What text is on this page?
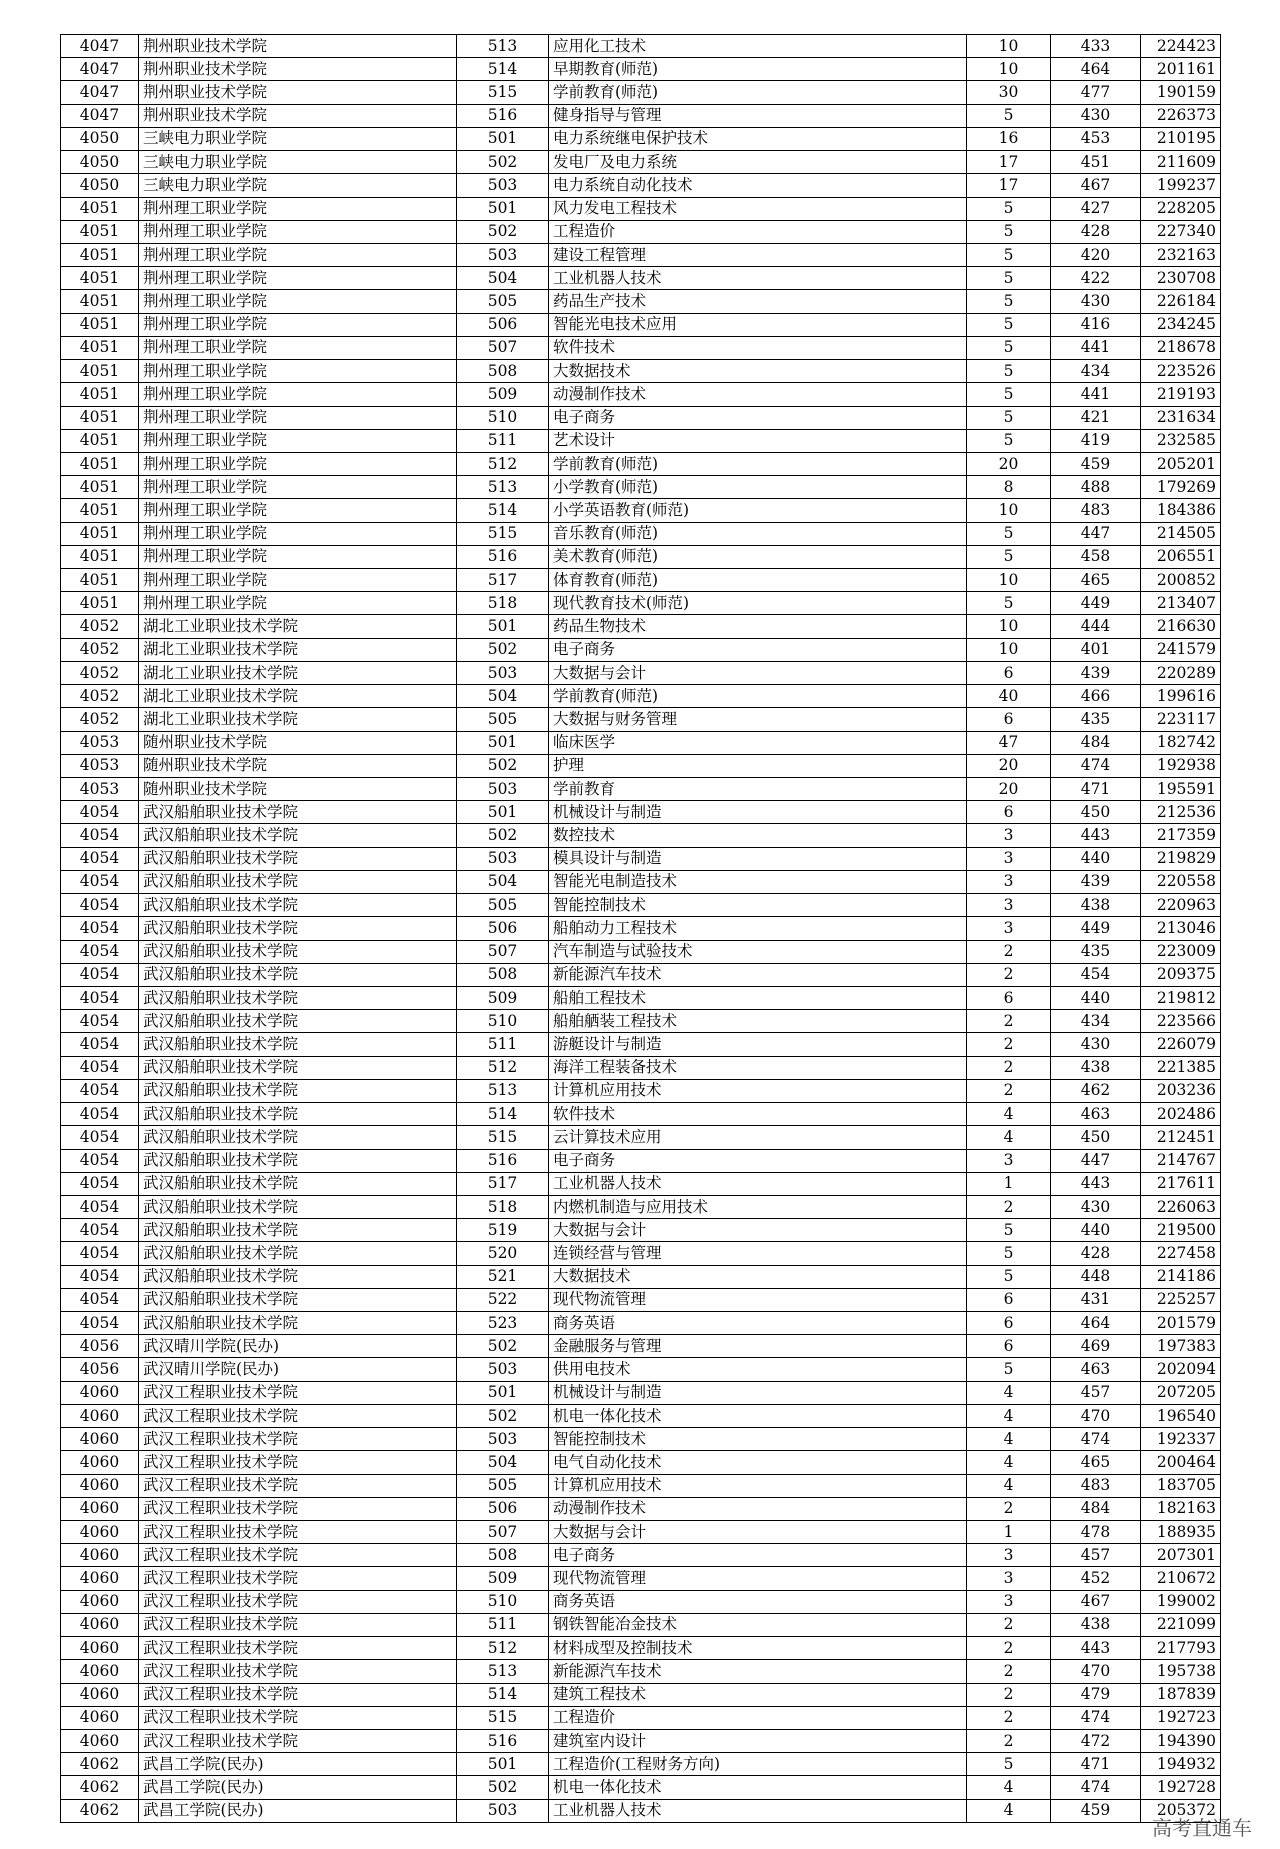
4047	荆州职业技术学院	513	应用化工技术	10	433	224423
4047	荆州职业技术学院	514	早期教育(师范)	10	464	201161
4047	荆州职业技术学院	515	学前教育(师范)	30	477	190159
4047	荆州职业技术学院	516	健身指导与管理	5	430	226373
4050	三峡电力职业学院	501	电力系统继电保护技术	16	453	210195
4050	三峡电力职业学院	502	发电厂及电力系统	17	451	211609
4050	三峡电力职业学院	503	电力系统自动化技术	17	467	199237
4051	荆州理工职业学院	501	风力发电工程技术	5	427	228205
4051	荆州理工职业学院	502	工程造价	5	428	227340
4051	荆州理工职业学院	503	建设工程管理	5	420	232163
4051	荆州理工职业学院	504	工业机器人技术	5	422	230708
4051	荆州理工职业学院	505	药品生产技术	5	430	226184
4051	荆州理工职业学院	506	智能光电技术应用	5	416	234245
4051	荆州理工职业学院	507	软件技术	5	441	218678
4051	荆州理工职业学院	508	大数据技术	5	434	223526
4051	荆州理工职业学院	509	动漫制作技术	5	441	219193
4051	荆州理工职业学院	510	电子商务	5	421	231634
4051	荆州理工职业学院	511	艺术设计	5	419	232585
4051	荆州理工职业学院	512	学前教育(师范)	20	459	205201
4051	荆州理工职业学院	513	小学教育(师范)	8	488	179269
4051	荆州理工职业学院	514	小学英语教育(师范)	10	483	184386
4051	荆州理工职业学院	515	音乐教育(师范)	5	447	214505
4051	荆州理工职业学院	516	美术教育(师范)	5	458	206551
4051	荆州理工职业学院	517	体育教育(师范)	10	465	200852
4051	荆州理工职业学院	518	现代教育技术(师范)	5	449	213407
4052	湖北工业职业技术学院	501	药品生物技术	10	444	216630
4052	湖北工业职业技术学院	502	电子商务	10	401	241579
4052	湖北工业职业技术学院	503	大数据与会计	6	439	220289
4052	湖北工业职业技术学院	504	学前教育(师范)	40	466	199616
4052	湖北工业职业技术学院	505	大数据与财务管理	6	435	223117
4053	随州职业技术学院	501	临床医学	47	484	182742
4053	随州职业技术学院	502	护理	20	474	192938
4053	随州职业技术学院	503	学前教育	20	471	195591
4054	武汉船舶职业技术学院	501	机械设计与制造	6	450	212536
4054	武汉船舶职业技术学院	502	数控技术	3	443	217359
4054	武汉船舶职业技术学院	503	模具设计与制造	3	440	219829
4054	武汉船舶职业技术学院	504	智能光电制造技术	3	439	220558
4054	武汉船舶职业技术学院	505	智能控制技术	3	438	220963
4054	武汉船舶职业技术学院	506	船舶动力工程技术	3	449	213046
4054	武汉船舶职业技术学院	507	汽车制造与试验技术	2	435	223009
4054	武汉船舶职业技术学院	508	新能源汽车技术	2	454	209375
4054	武汉船舶职业技术学院	509	船舶工程技术	6	440	219812
4054	武汉船舶职业技术学院	510	船舶舾装工程技术	2	434	223566
4054	武汉船舶职业技术学院	511	游艇设计与制造	2	430	226079
4054	武汉船舶职业技术学院	512	海洋工程装备技术	2	438	221385
4054	武汉船舶职业技术学院	513	计算机应用技术	2	462	203236
4054	武汉船舶职业技术学院	514	软件技术	4	463	202486
4054	武汉船舶职业技术学院	515	云计算技术应用	4	450	212451
4054	武汉船舶职业技术学院	516	电子商务	3	447	214767
4054	武汉船舶职业技术学院	517	工业机器人技术	1	443	217611
4054	武汉船舶职业技术学院	518	内燃机制造与应用技术	2	430	226063
4054	武汉船舶职业技术学院	519	大数据与会计	5	440	219500
4054	武汉船舶职业技术学院	520	连锁经营与管理	5	428	227458
4054	武汉船舶职业技术学院	521	大数据技术	5	448	214186
4054	武汉船舶职业技术学院	522	现代物流管理	6	431	225257
4054	武汉船舶职业技术学院	523	商务英语	6	464	201579
4056	武汉晴川学院(民办)	502	金融服务与管理	6	469	197383
4056	武汉晴川学院(民办)	503	供用电技术	5	463	202094
4060	武汉工程职业技术学院	501	机械设计与制造	4	457	207205
4060	武汉工程职业技术学院	502	机电一体化技术	4	470	196540
4060	武汉工程职业技术学院	503	智能控制技术	4	474	192337
4060	武汉工程职业技术学院	504	电气自动化技术	4	465	200464
4060	武汉工程职业技术学院	505	计算机应用技术	4	483	183705
4060	武汉工程职业技术学院	506	动漫制作技术	2	484	182163
4060	武汉工程职业技术学院	507	大数据与会计	1	478	188935
4060	武汉工程职业技术学院	508	电子商务	3	457	207301
4060	武汉工程职业技术学院	509	现代物流管理	3	452	210672
4060	武汉工程职业技术学院	510	商务英语	3	467	199002
4060	武汉工程职业技术学院	511	钢铁智能冶金技术	2	438	221099
4060	武汉工程职业技术学院	512	材料成型及控制技术	2	443	217793
4060	武汉工程职业技术学院	513	新能源汽车技术	2	470	195738
4060	武汉工程职业技术学院	514	建筑工程技术	2	479	187839
4060	武汉工程职业技术学院	515	工程造价	2	474	192723
4060	武汉工程职业技术学院	516	建筑室内设计	2	472	194390
4062	武昌工学院(民办)	501	工程造价(工程财务方向)	5	471	194932
4062	武昌工学院(民办)	502	机电一体化技术	4	474	192728
4062	武昌工学院(民办)	503	工业机器人技术	4	459	205372
高考直通车
